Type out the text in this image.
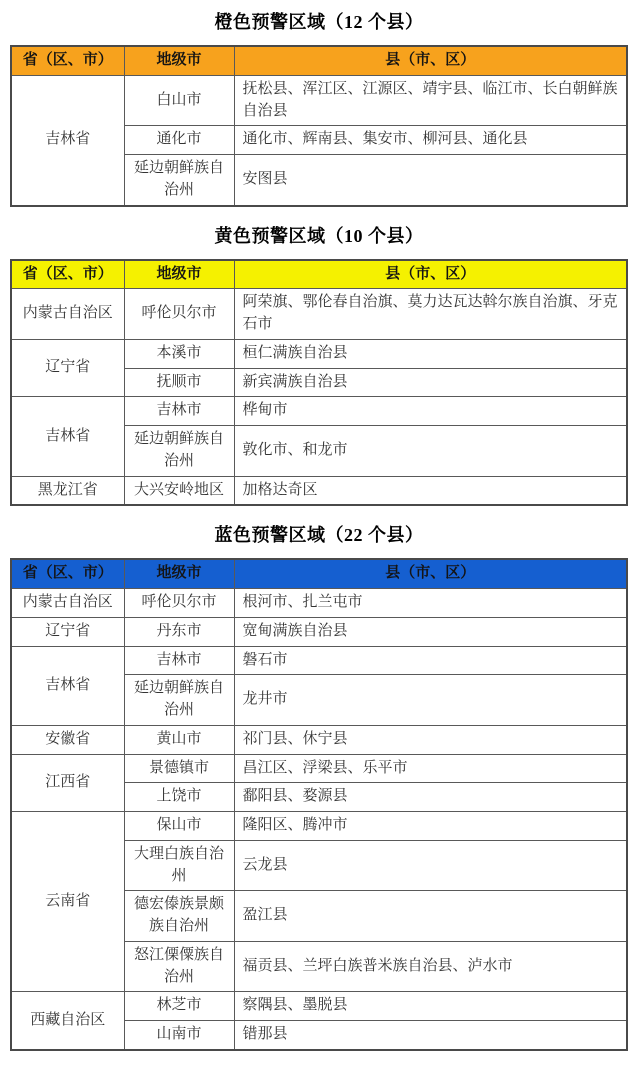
橙色预警区域（12 个县）
省（区、市）	地级市	县（市、区）
吉林省	白山市	抚松县、浑江区、江源区、靖宇县、临江市、长白朝鲜族自治县
	通化市	通化市、辉南县、集安市、柳河县、通化县
	延边朝鲜族自治州	安图县
黄色预警区域（10 个县）
省（区、市）	地级市	县（市、区）
内蒙古自治区	呼伦贝尔市	阿荣旗、鄂伦春自治旗、莫力达瓦达斡尔族自治旗、牙克石市
辽宁省	本溪市	桓仁满族自治县
	抚顺市	新宾满族自治县
吉林省	吉林市	桦甸市
	延边朝鲜族自治州	敦化市、和龙市
黑龙江省	大兴安岭地区	加格达奇区
蓝色预警区域（22 个县）
省（区、市）	地级市	县（市、区）
内蒙古自治区	呼伦贝尔市	根河市、扎兰屯市
辽宁省	丹东市	宽甸满族自治县
吉林省	吉林市	磐石市
	延边朝鲜族自治州	龙井市
安徽省	黄山市	祁门县、休宁县
江西省	景德镇市	昌江区、浮梁县、乐平市
	上饶市	鄱阳县、婺源县
云南省	保山市	隆阳区、腾冲市
	大理白族自治州	云龙县
	德宏傣族景颇族自治州	盈江县
	怒江傈僳族自治州	福贡县、兰坪白族普米族自治县、泸水市
西藏自治区	林芝市	察隅县、墨脱县
	山南市	错那县
